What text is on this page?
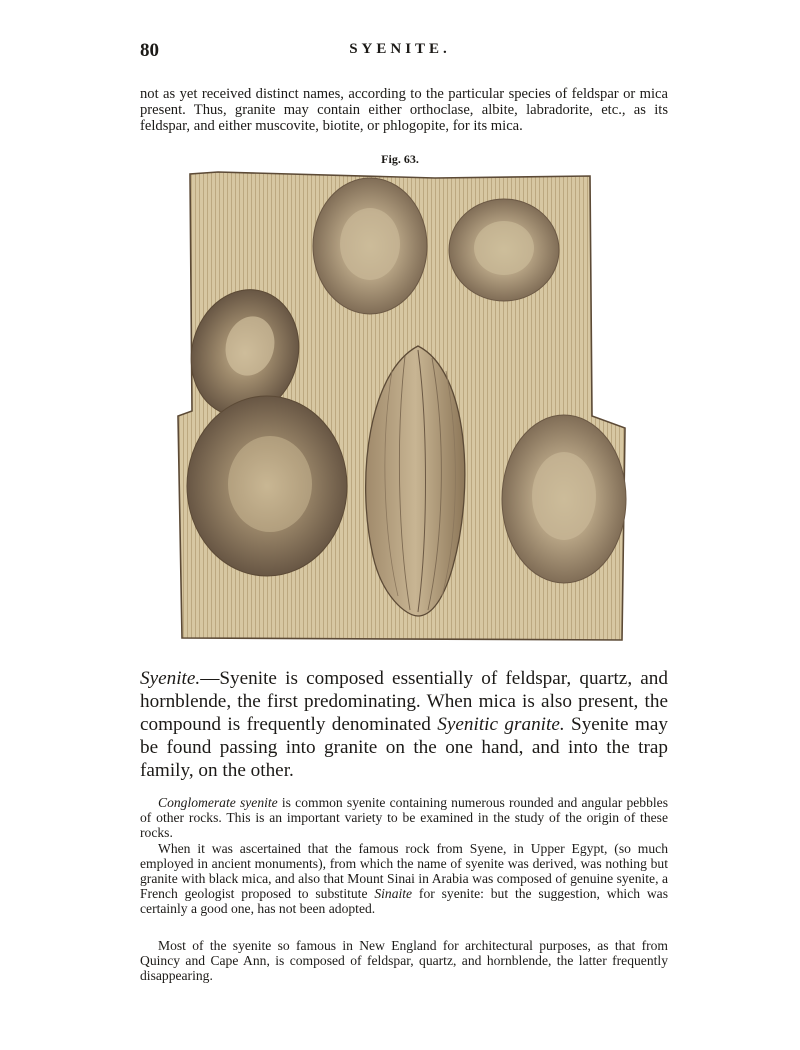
80	SYENITE.

not as yet received distinct names, according to the particular species of feldspar or mica present. Thus, granite may contain either orthoclase, albite, labradorite, etc., as its feldspar, and either muscovite, biotite, or phlogopite, for its mica.

Fig. 63.

Syenite.—Syenite is composed essentially of feldspar, quartz, and hornblende, the first predominating. When mica is also present, the compound is frequently denominated Syenitic granite. Syenite may be found passing into granite on the one hand, and into the trap family, on the other.

Conglomerate syenite is common syenite containing numerous rounded and angular pebbles of other rocks. This is an important variety to be examined in the study of the origin of these rocks.

When it was ascertained that the famous rock from Syene, in Upper Egypt, (so much employed in ancient monuments), from which the name of syenite was derived, was nothing but granite with black mica, and also that Mount Sinai in Arabia was composed of genuine syenite, a French geologist proposed to substitute Sinaite for syenite: but the suggestion, which was certainly a good one, has not been adopted.

Most of the syenite so famous in New England for architectural purposes, as that from Quincy and Cape Ann, is composed of feldspar, quartz, and hornblende, the latter frequently disappearing.
